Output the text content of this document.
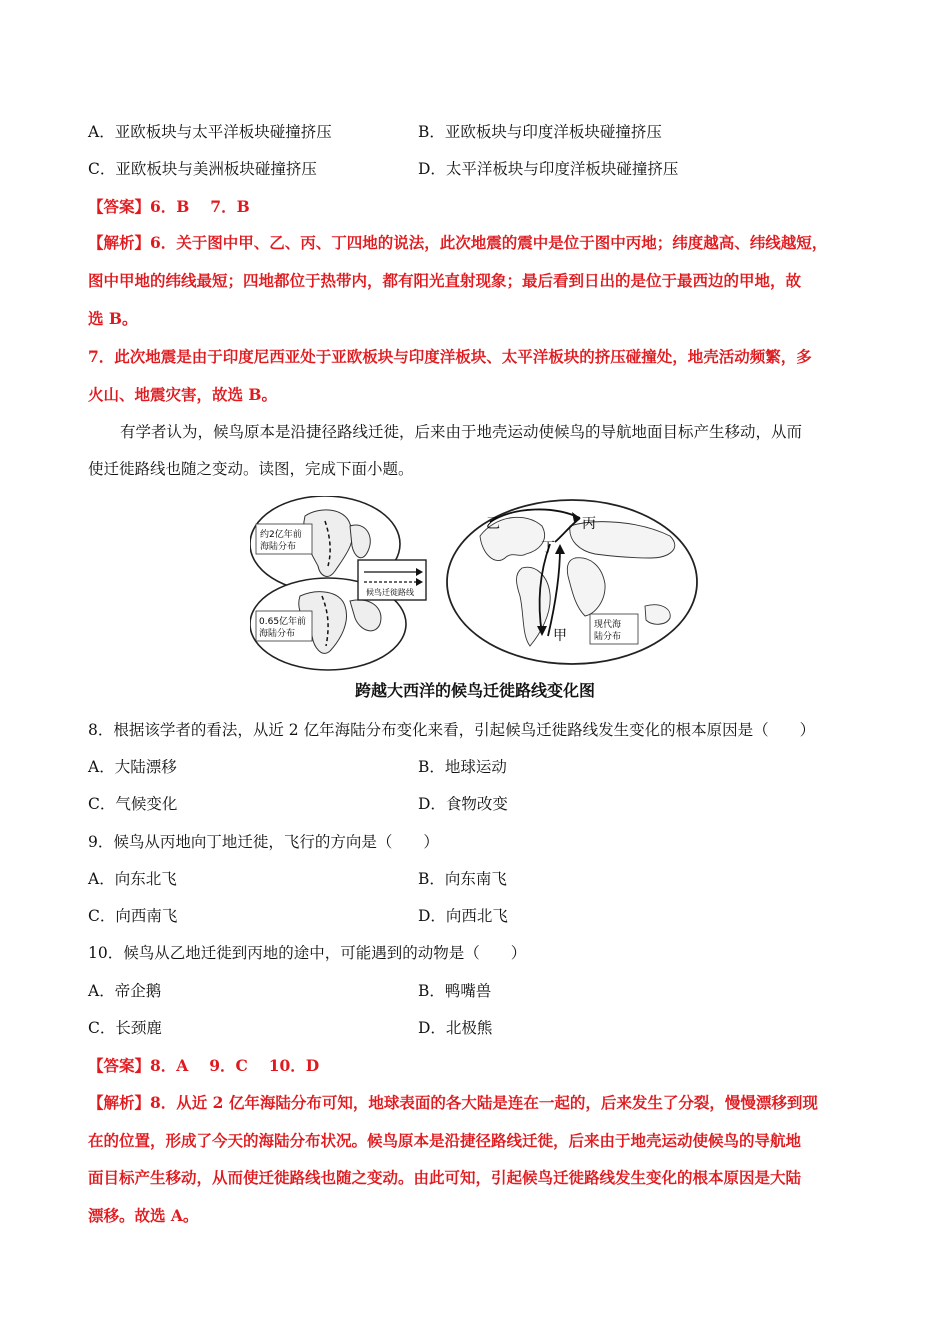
A．亚欧板块与太平洋板块碰撞挤压	B．亚欧板块与印度洋板块碰撞挤压
C．亚欧板块与美洲板块碰撞挤压	D．太平洋板块与印度洋板块碰撞挤压
【答案】6．B　 7．B
【解析】6．关于图中甲、乙、丙、丁四地的说法，此次地震的震中是位于图中丙地；纬度越高、纬线越短，
图中甲地的纬线最短；四地都位于热带内，都有阳光直射现象；最后看到日出的是位于最西边的甲地，故
选 B。
7．此次地震是由于印度尼西亚处于亚欧板块与印度洋板块、太平洋板块的挤压碰撞处，地壳活动频繁，多
火山、地震灾害，故选 B。
有学者认为，候鸟原本是沿捷径路线迁徙，后来由于地壳运动使候鸟的导航地面目标产生移动，从而
使迁徙路线也随之变动。读图，完成下面小题。
约2亿年前
海陆分布
0.65亿年前
海陆分布
候鸟迁徙路线
乙	丙
丁
甲
现代海
陆分布
跨越大西洋的候鸟迁徙路线变化图
8．根据该学者的看法，从近 2 亿年海陆分布变化来看，引起候鸟迁徙路线发生变化的根本原因是（　　）
A．大陆漂移	B．地球运动
C．气候变化	D．食物改变
9．候鸟从丙地向丁地迁徙，飞行的方向是（　　）
A．向东北飞	B．向东南飞
C．向西南飞	D．向西北飞
10．候鸟从乙地迁徙到丙地的途中，可能遇到的动物是（　　）
A．帝企鹅	B．鸭嘴兽
C．长颈鹿	D．北极熊
【答案】8．A　 9．C　 10．D
【解析】8．从近 2 亿年海陆分布可知，地球表面的各大陆是连在一起的，后来发生了分裂，慢慢漂移到现
在的位置，形成了今天的海陆分布状况。候鸟原本是沿捷径路线迁徙，后来由于地壳运动使候鸟的导航地
面目标产生移动，从而使迁徙路线也随之变动。由此可知，引起候鸟迁徙路线发生变化的根本原因是大陆
漂移。故选 A。
